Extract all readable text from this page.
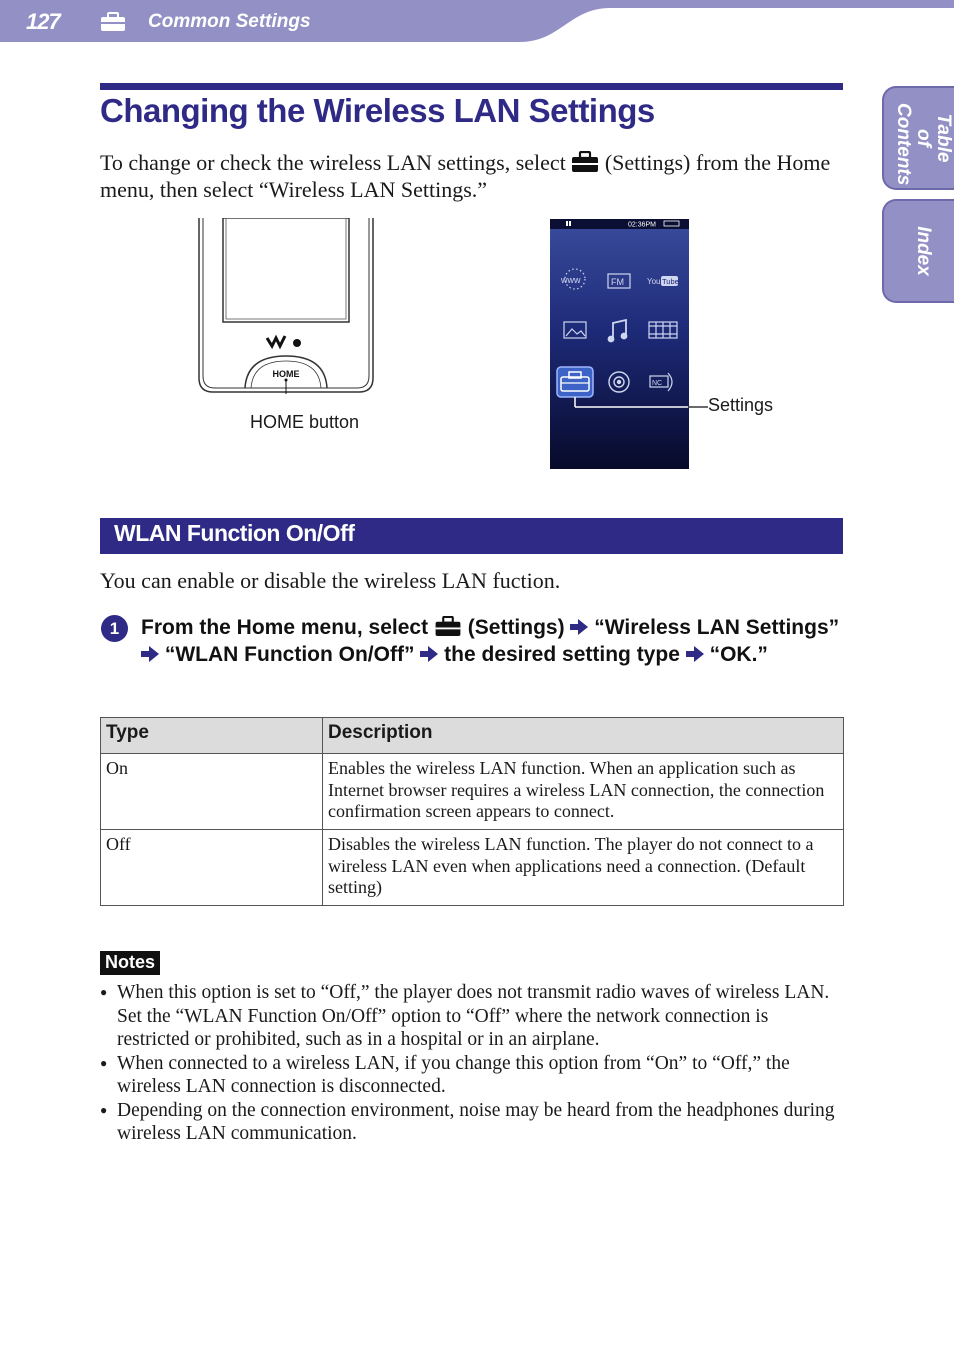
127	Common Settings
Table of Contents
Index
Changing the Wireless LAN Settings
To change or check the wireless LAN settings, select (Settings) from the Home menu, then select “Wireless LAN Settings.”
HOME
HOME button
02:36PM
www	FM	You Tube
NC
Settings
WLAN Function On/Off
You can enable or disable the wireless LAN fuction.
1	From the Home menu, select (Settings) “Wireless LAN Settings”  “WLAN Function On/Off” the desired setting type “OK.”
Type	Description
On	Enables the wireless LAN function. When an application such as Internet browser requires a wireless LAN connection, the connection confirmation screen appears to connect.
Off	Disables the wireless LAN function. The player do not connect to a wireless LAN even when applications need a connection. (Default setting)
Notes
● When this option is set to “Off,” the player does not transmit radio waves of wireless LAN. Set the “WLAN Function On/Off” option to “Off” where the network connection is restricted or prohibited, such as in a hospital or in an airplane.
● When connected to a wireless LAN, if you change this option from “On” to “Off,” the wireless LAN connection is disconnected.
● Depending on the connection environment, noise may be heard from the headphones during wireless LAN communication.
